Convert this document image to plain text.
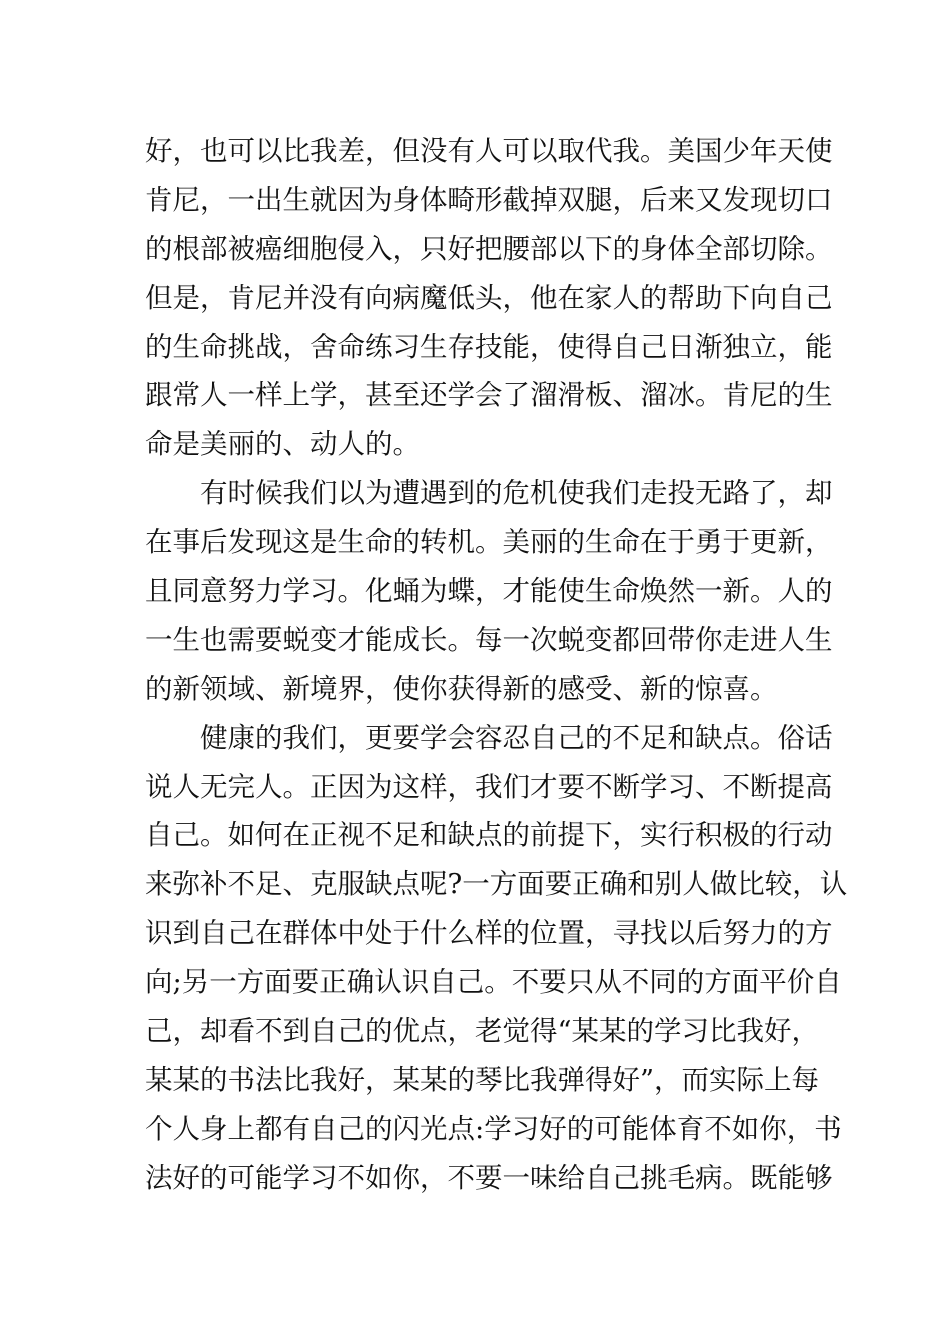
好，也可以比我差，但没有人可以取代我。美国少年天使
肯尼，一出生就因为身体畸形截掉双腿，后来又发现切口
的根部被癌细胞侵入，只好把腰部以下的身体全部切除。
但是，肯尼并没有向病魔低头，他在家人的帮助下向自己
的生命挑战，舍命练习生存技能，使得自己日渐独立，能
跟常人一样上学，甚至还学会了溜滑板、溜冰。肯尼的生
命是美丽的、动人的。
有时候我们以为遭遇到的危机使我们走投无路了，却
在事后发现这是生命的转机。美丽的生命在于勇于更新，
且同意努力学习。化蛹为蝶，才能使生命焕然一新。人的
一生也需要蜕变才能成长。每一次蜕变都回带你走进人生
的新领域、新境界，使你获得新的感受、新的惊喜。
健康的我们，更要学会容忍自己的不足和缺点。俗话
说人无完人。正因为这样，我们才要不断学习、不断提高
自己。如何在正视不足和缺点的前提下，实行积极的行动
来弥补不足、克服缺点呢?一方面要正确和别人做比较，认
识到自己在群体中处于什么样的位置，寻找以后努力的方
向;另一方面要正确认识自己。不要只从不同的方面平价自
己，却看不到自己的优点，老觉得“某某的学习比我好，
某某的书法比我好，某某的琴比我弹得好”，而实际上每
个人身上都有自己的闪光点:学习好的可能体育不如你，书
法好的可能学习不如你，不要一味给自己挑毛病。既能够
